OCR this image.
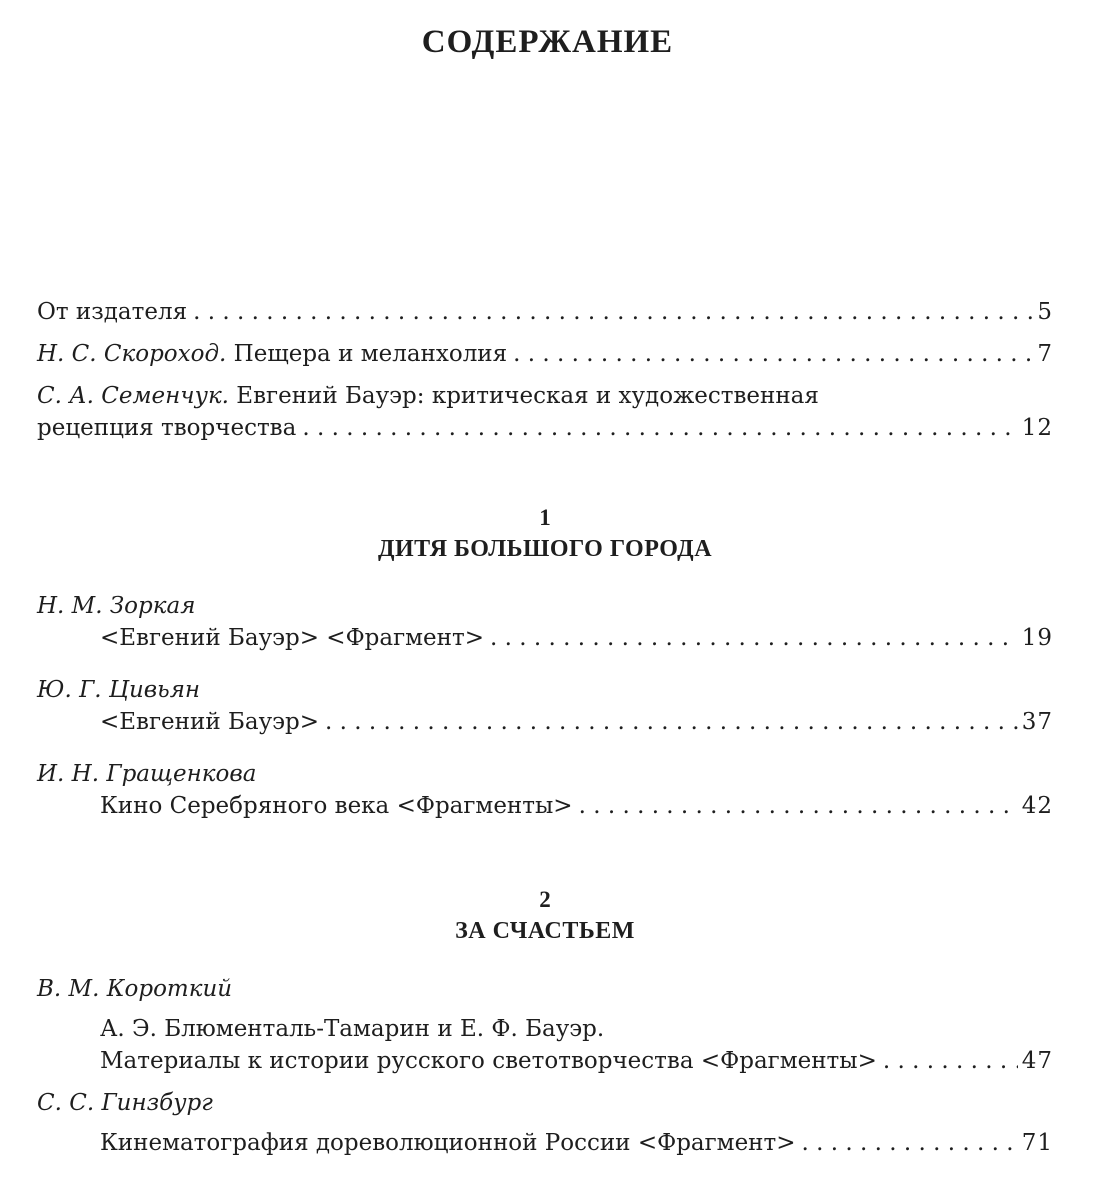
СОДЕРЖАНИЕ
От издателя . . .	5
Н. С. Скороход. Пещера и меланхолия . . .	7
С. А. Семенчук. Евгений Бауэр: критическая и художественная
рецепция творчества . . .	12
1
ДИТЯ БОЛЬШОГО ГОРОДА
Н. М. Зоркая
<Евгений Бауэр> <Фрагмент> . . .	19
Ю. Г. Цивьян
<Евгений Бауэр> . . .	37
И. Н. Гращенкова
Кино Серебряного века <Фрагменты> . . .	42
2
ЗА СЧАСТЬЕМ
В. М. Короткий
А. Э. Блюменталь-Тамарин и Е. Ф. Бауэр.
Материалы к истории русского светотворчества <Фрагменты> . . .	47
С. С. Гинзбург
Кинематография дореволюционной России <Фрагмент> . . .	71
